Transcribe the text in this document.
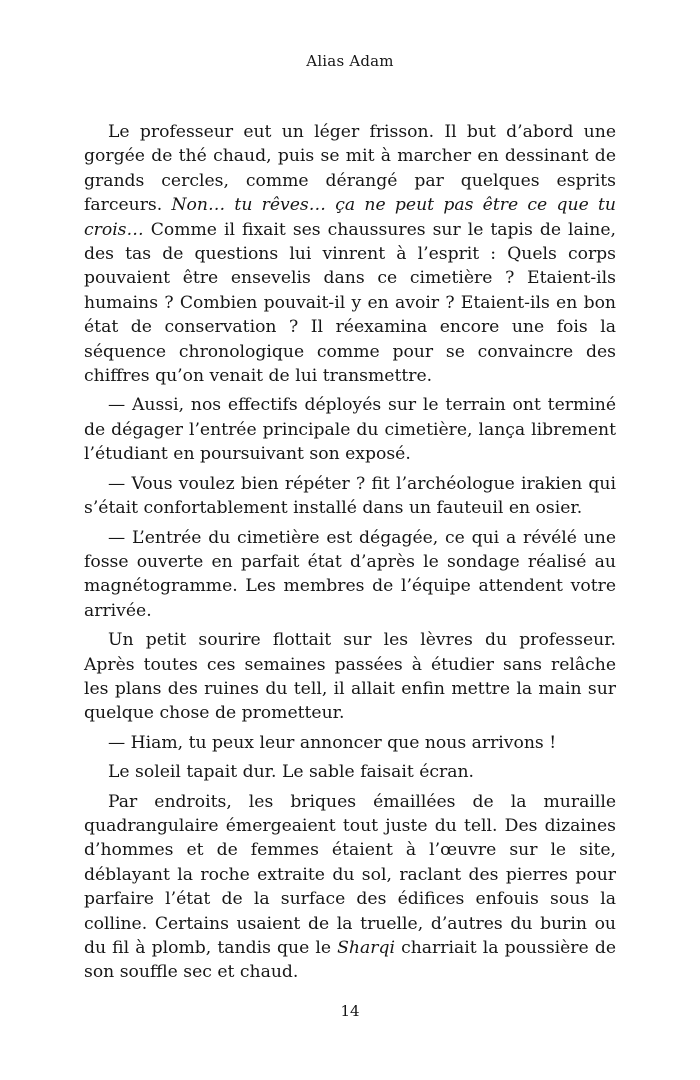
Alias Adam

Le professeur eut un léger frisson. Il but d’abord une gorgée de thé chaud, puis se mit à marcher en dessinant de grands cercles, comme dérangé par quelques esprits farceurs. Non… tu rêves… ça ne peut pas être ce que tu crois… Comme il fixait ses chaussures sur le tapis de laine, des tas de questions lui vinrent à l’esprit : Quels corps pouvaient être ensevelis dans ce cimetière ? Etaient-ils humains ? Combien pouvait-il y en avoir ? Etaient-ils en bon état de conservation ? Il réexamina encore une fois la séquence chronologique comme pour se convaincre des chiffres qu’on venait de lui transmettre.

— Aussi, nos effectifs déployés sur le terrain ont terminé de dégager l’entrée principale du cimetière, lança librement l’étudiant en poursuivant son exposé.

— Vous voulez bien répéter ? fit l’archéologue irakien qui s’était confortablement installé dans un fauteuil en osier.

— L’entrée du cimetière est dégagée, ce qui a révélé une fosse ouverte en parfait état d’après le sondage réalisé au magnétogramme. Les membres de l’équipe attendent votre arrivée.

Un petit sourire flottait sur les lèvres du professeur. Après toutes ces semaines passées à étudier sans relâche les plans des ruines du tell, il allait enfin mettre la main sur quelque chose de prometteur.

— Hiam, tu peux leur annoncer que nous arrivons !

Le soleil tapait dur. Le sable faisait écran.

Par endroits, les briques émaillées de la muraille quadrangulaire émergeaient tout juste du tell. Des dizaines d’hommes et de femmes étaient à l’œuvre sur le site, déblayant la roche extraite du sol, raclant des pierres pour parfaire l’état de la surface des édifices enfouis sous la colline. Certains usaient de la truelle, d’autres du burin ou du fil à plomb, tandis que le Sharqi charriait la poussière de son souffle sec et chaud.

14
